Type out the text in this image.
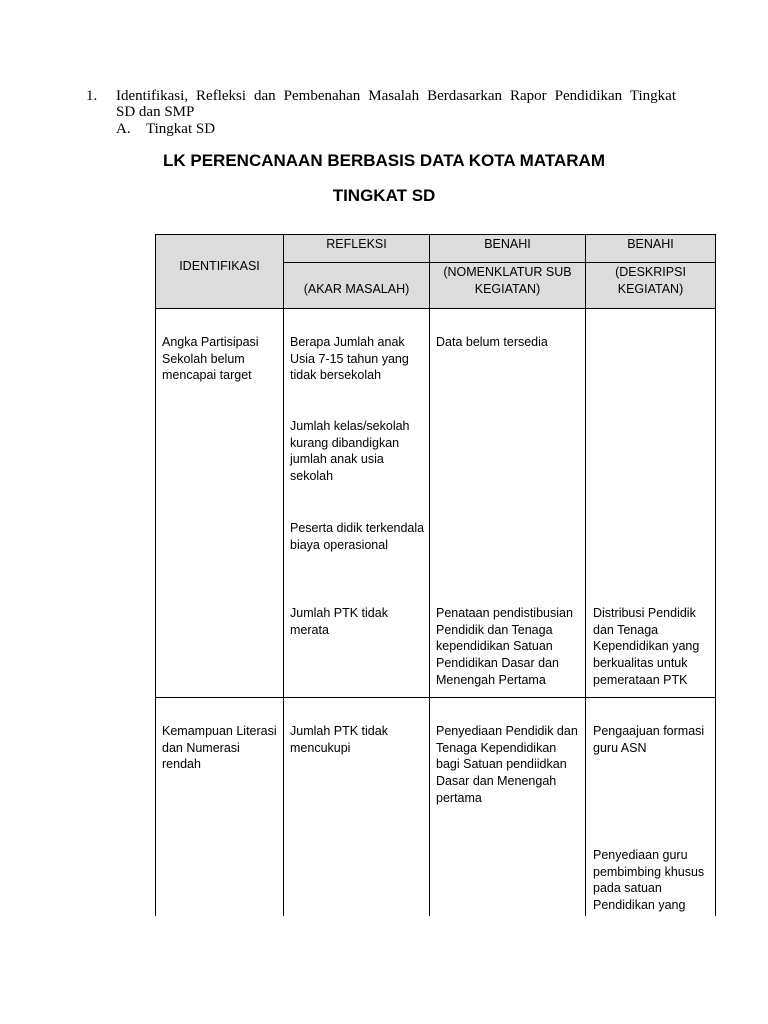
1. Identifikasi, Refleksi dan Pembenahan Masalah Berdasarkan Rapor Pendidikan Tingkat
SD dan SMP
A. Tingkat SD
LK PERENCANAAN BERBASIS DATA KOTA MATARAM
TINGKAT SD
IDENTIFIKASI
REFLEKSI
(AKAR MASALAH)
BENAHI
(NOMENKLATUR SUB KEGIATAN)
BENAHI
(DESKRIPSI KEGIATAN)
Angka Partisipasi Sekolah belum mencapai target
Berapa Jumlah anak Usia 7-15 tahun yang tidak bersekolah
Jumlah kelas/sekolah kurang dibandigkan jumlah anak usia sekolah
Peserta didik terkendala biaya operasional
Jumlah PTK tidak merata
Data belum tersedia
Penataan pendistibusian Pendidik dan Tenaga kependidikan Satuan Pendidikan Dasar dan Menengah Pertama
Distribusi Pendidik dan Tenaga Kependidikan yang berkualitas untuk pemerataan PTK
Kemampuan Literasi dan Numerasi rendah
Jumlah PTK tidak mencukupi
Penyediaan Pendidik dan Tenaga Kependidikan bagi Satuan pendiidkan Dasar dan Menengah pertama
Pengaajuan formasi guru ASN
Penyediaan guru pembimbing khusus pada satuan Pendidikan yang
